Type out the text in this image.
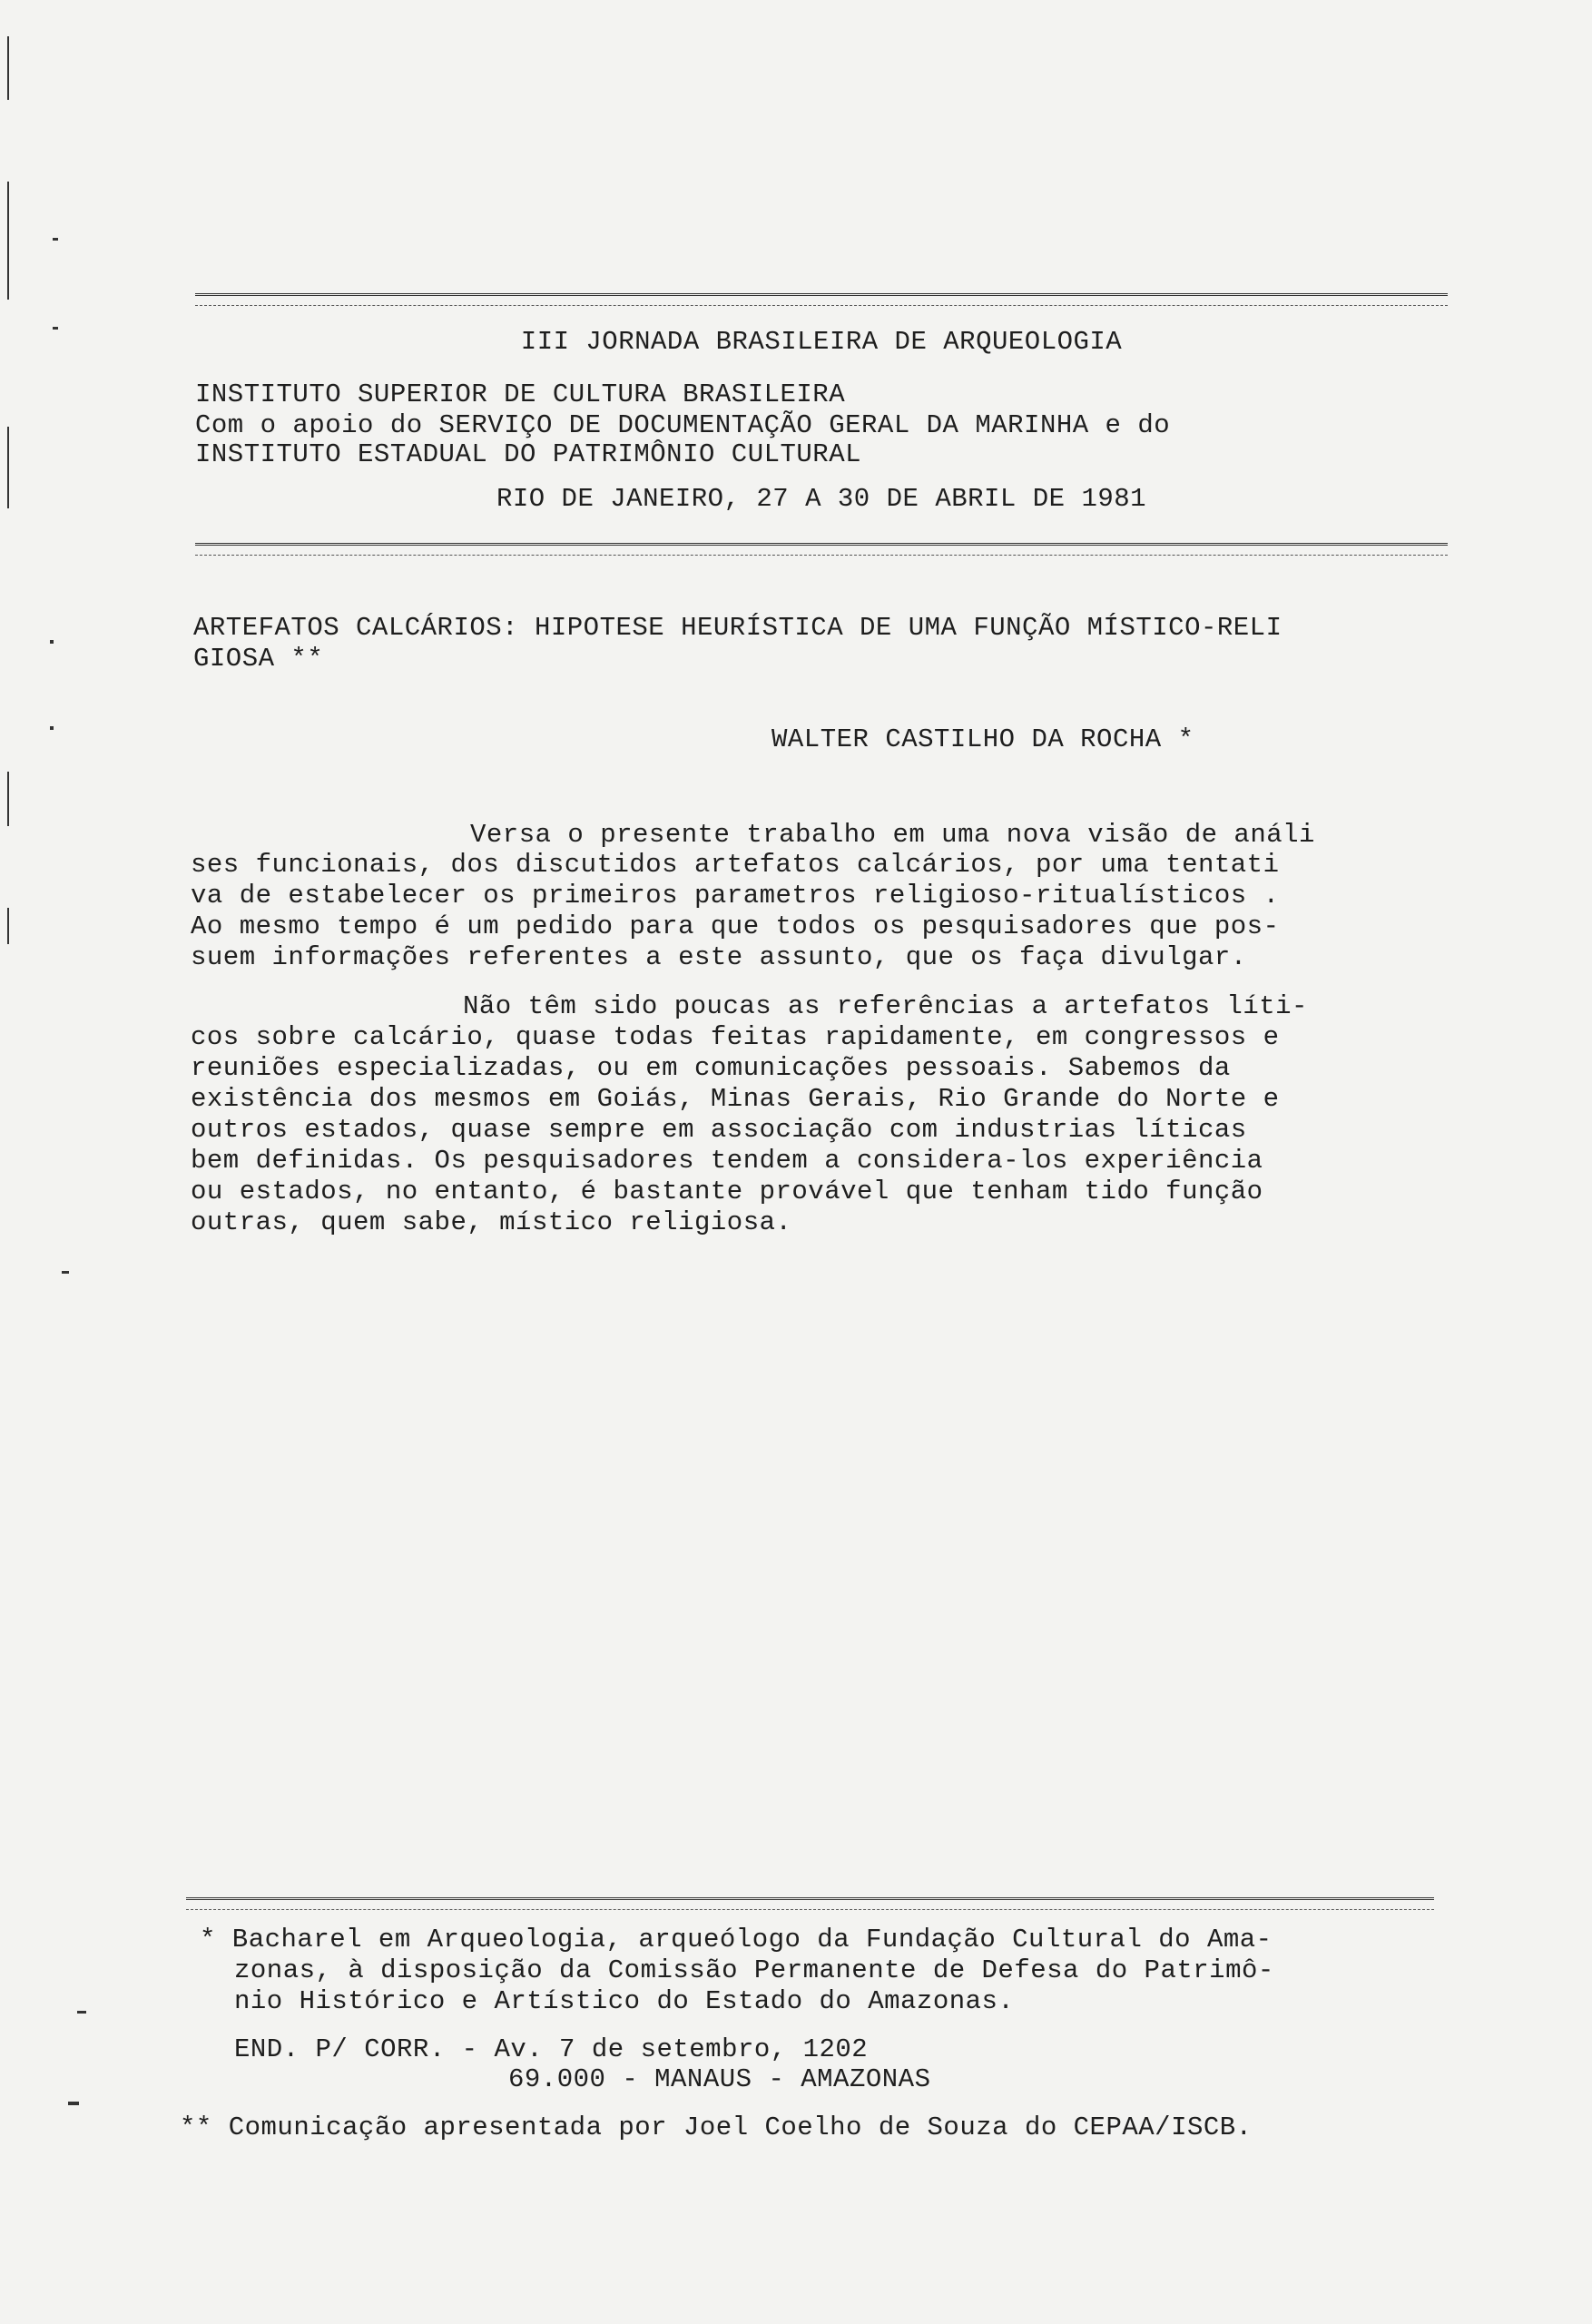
III JORNADA BRASILEIRA DE ARQUEOLOGIA
INSTITUTO SUPERIOR DE CULTURA BRASILEIRA
Com o apoio do SERVIÇO DE DOCUMENTAÇÃO GERAL DA MARINHA e do
INSTITUTO ESTADUAL DO PATRIMÔNIO CULTURAL
RIO DE JANEIRO, 27 A 30 DE ABRIL DE 1981
ARTEFATOS CALCÁRIOS: HIPOTESE HEURÍSTICA DE UMA FUNÇÃO MÍSTICO-RELI
GIOSA **
WALTER CASTILHO DA ROCHA *
Versa o presente trabalho em uma nova visão de análi
ses funcionais, dos discutidos artefatos calcários, por uma tentati
va de estabelecer os primeiros parametros religioso-ritualísticos .
Ao mesmo tempo é um pedido para que todos os pesquisadores que pos-
suem informações referentes a este assunto, que os faça divulgar.
Não têm sido poucas as referências a artefatos líti-
cos sobre calcário, quase todas feitas rapidamente, em congressos e
reuniões especializadas, ou em comunicações pessoais. Sabemos da
existência dos mesmos em Goiás, Minas Gerais, Rio Grande do Norte e
outros estados, quase sempre em associação com industrias líticas
bem definidas. Os pesquisadores tendem a considera-los experiência
ou estados, no entanto, é bastante provável que tenham tido função
outras, quem sabe, místico religiosa.
* Bacharel em Arqueologia, arqueólogo da Fundação Cultural do Ama-
zonas, à disposição da Comissão Permanente de Defesa do Patrimô-
nio Histórico e Artístico do Estado do Amazonas.
END. P/ CORR. - Av. 7 de setembro, 1202
69.000 - MANAUS - AMAZONAS
** Comunicação apresentada por Joel Coelho de Souza do CEPAA/ISCB.
